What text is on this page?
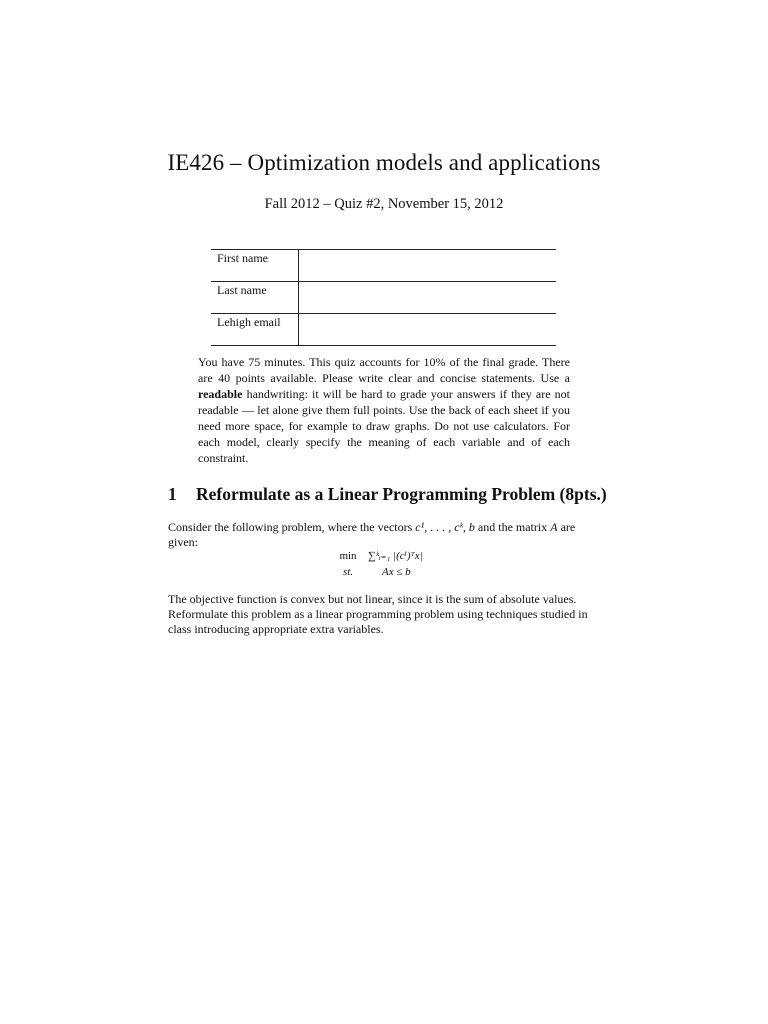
IE426 – Optimization models and applications
Fall 2012 – Quiz #2, November 15, 2012
First name	
Last name	
Lehigh email	
You have 75 minutes. This quiz accounts for 10% of the final grade. There are 40 points available. Please write clear and concise statements. Use a readable handwriting: it will be hard to grade your answers if they are not readable — let alone give them full points. Use the back of each sheet if you need more space, for example to draw graphs. Do not use calculators. For each model, clearly specify the meaning of each variable and of each constraint.
1 Reformulate as a Linear Programming Problem (8pts.)
Consider the following problem, where the vectors c¹, . . . , cᵏ, b and the matrix A are given:
min ∑ᵏᵢ₌₁ |(cⁱ)ᵀx|
st.	Ax ≤ b
The objective function is convex but not linear, since it is the sum of absolute values. Reformulate this problem as a linear programming problem using techniques studied in class introducing appropriate extra variables.
